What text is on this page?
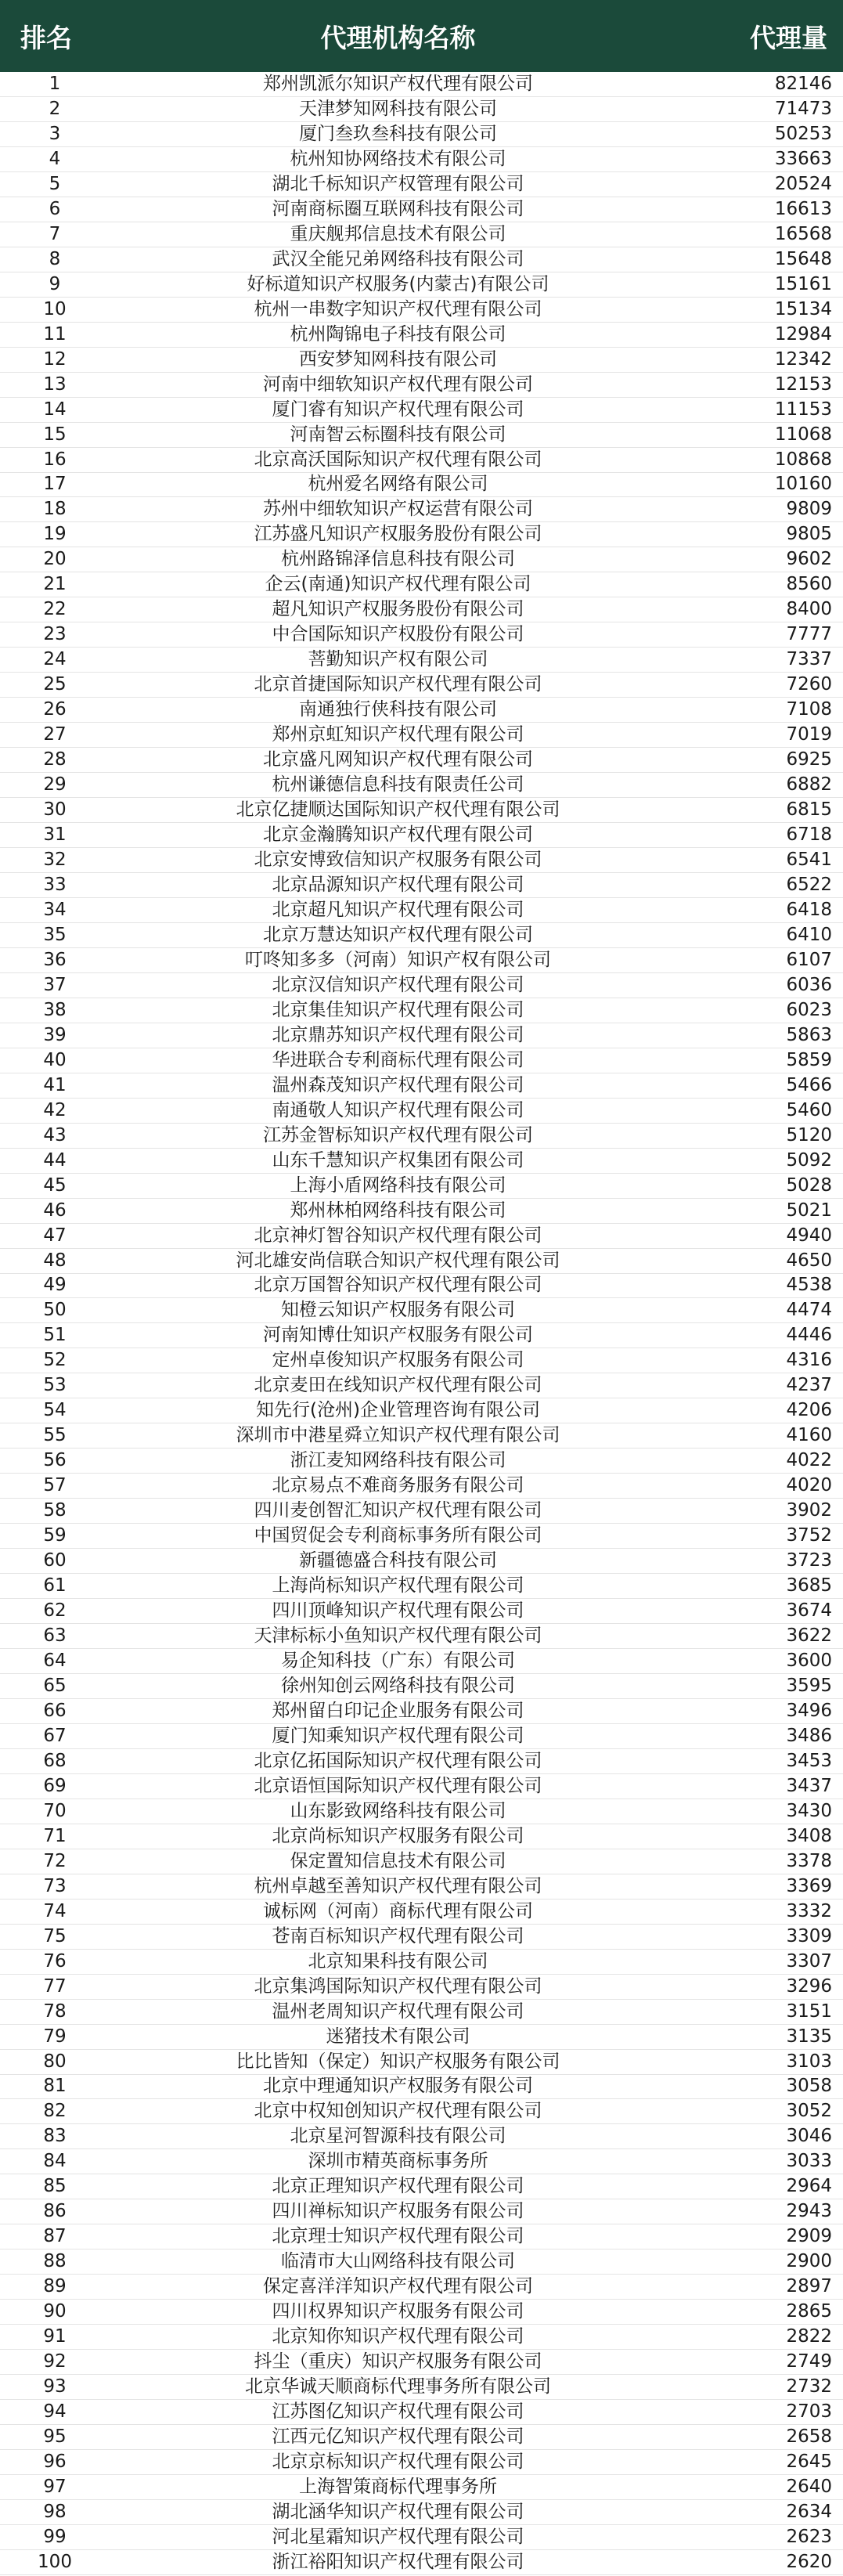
排名	代理机构名称	代理量
1	郑州凯派尔知识产权代理有限公司	82146
2	天津梦知网科技有限公司	71473
3	厦门叁玖叁科技有限公司	50253
4	杭州知协网络技术有限公司	33663
5	湖北千标知识产权管理有限公司	20524
6	河南商标圈互联网科技有限公司	16613
7	重庆舰邦信息技术有限公司	16568
8	武汉全能兄弟网络科技有限公司	15648
9	好标道知识产权服务(内蒙古)有限公司	15161
10	杭州一串数字知识产权代理有限公司	15134
11	杭州陶锦电子科技有限公司	12984
12	西安梦知网科技有限公司	12342
13	河南中细软知识产权代理有限公司	12153
14	厦门睿有知识产权代理有限公司	11153
15	河南智云标圈科技有限公司	11068
16	北京高沃国际知识产权代理有限公司	10868
17	杭州爱名网络有限公司	10160
18	苏州中细软知识产权运营有限公司	9809
19	江苏盛凡知识产权服务股份有限公司	9805
20	杭州路锦泽信息科技有限公司	9602
21	企云(南通)知识产权代理有限公司	8560
22	超凡知识产权服务股份有限公司	8400
23	中合国际知识产权股份有限公司	7777
24	菩勤知识产权有限公司	7337
25	北京首捷国际知识产权代理有限公司	7260
26	南通独行侠科技有限公司	7108
27	郑州京虹知识产权代理有限公司	7019
28	北京盛凡网知识产权代理有限公司	6925
29	杭州谦德信息科技有限责任公司	6882
30	北京亿捷顺达国际知识产权代理有限公司	6815
31	北京金瀚腾知识产权代理有限公司	6718
32	北京安博致信知识产权服务有限公司	6541
33	北京品源知识产权代理有限公司	6522
34	北京超凡知识产权代理有限公司	6418
35	北京万慧达知识产权代理有限公司	6410
36	叮咚知多多（河南）知识产权有限公司	6107
37	北京汉信知识产权代理有限公司	6036
38	北京集佳知识产权代理有限公司	6023
39	北京鼎苏知识产权代理有限公司	5863
40	华进联合专利商标代理有限公司	5859
41	温州森茂知识产权代理有限公司	5466
42	南通敬人知识产权代理有限公司	5460
43	江苏金智标知识产权代理有限公司	5120
44	山东千慧知识产权集团有限公司	5092
45	上海小盾网络科技有限公司	5028
46	郑州林柏网络科技有限公司	5021
47	北京神灯智谷知识产权代理有限公司	4940
48	河北雄安尚信联合知识产权代理有限公司	4650
49	北京万国智谷知识产权代理有限公司	4538
50	知橙云知识产权服务有限公司	4474
51	河南知博仕知识产权服务有限公司	4446
52	定州卓俊知识产权服务有限公司	4316
53	北京麦田在线知识产权代理有限公司	4237
54	知先行(沧州)企业管理咨询有限公司	4206
55	深圳市中港星舜立知识产权代理有限公司	4160
56	浙江麦知网络科技有限公司	4022
57	北京易点不难商务服务有限公司	4020
58	四川麦创智汇知识产权代理有限公司	3902
59	中国贸促会专利商标事务所有限公司	3752
60	新疆德盛合科技有限公司	3723
61	上海尚标知识产权代理有限公司	3685
62	四川顶峰知识产权代理有限公司	3674
63	天津标标小鱼知识产权代理有限公司	3622
64	易企知科技（广东）有限公司	3600
65	徐州知创云网络科技有限公司	3595
66	郑州留白印记企业服务有限公司	3496
67	厦门知乘知识产权代理有限公司	3486
68	北京亿拓国际知识产权代理有限公司	3453
69	北京语恒国际知识产权代理有限公司	3437
70	山东影致网络科技有限公司	3430
71	北京尚标知识产权服务有限公司	3408
72	保定置知信息技术有限公司	3378
73	杭州卓越至善知识产权代理有限公司	3369
74	诚标网（河南）商标代理有限公司	3332
75	苍南百标知识产权代理有限公司	3309
76	北京知果科技有限公司	3307
77	北京集鸿国际知识产权代理有限公司	3296
78	温州老周知识产权代理有限公司	3151
79	迷猪技术有限公司	3135
80	比比皆知（保定）知识产权服务有限公司	3103
81	北京中理通知识产权服务有限公司	3058
82	北京中权知创知识产权代理有限公司	3052
83	北京星河智源科技有限公司	3046
84	深圳市精英商标事务所	3033
85	北京正理知识产权代理有限公司	2964
86	四川禅标知识产权服务有限公司	2943
87	北京理士知识产权代理有限公司	2909
88	临清市大山网络科技有限公司	2900
89	保定喜洋洋知识产权代理有限公司	2897
90	四川权界知识产权服务有限公司	2865
91	北京知你知识产权代理有限公司	2822
92	抖尘（重庆）知识产权服务有限公司	2749
93	北京华诚天顺商标代理事务所有限公司	2732
94	江苏图亿知识产权代理有限公司	2703
95	江西元亿知识产权代理有限公司	2658
96	北京京标知识产权代理有限公司	2645
97	上海智策商标代理事务所	2640
98	湖北涵华知识产权代理有限公司	2634
99	河北星霜知识产权代理有限公司	2623
100	浙江裕阳知识产权代理有限公司	2620
